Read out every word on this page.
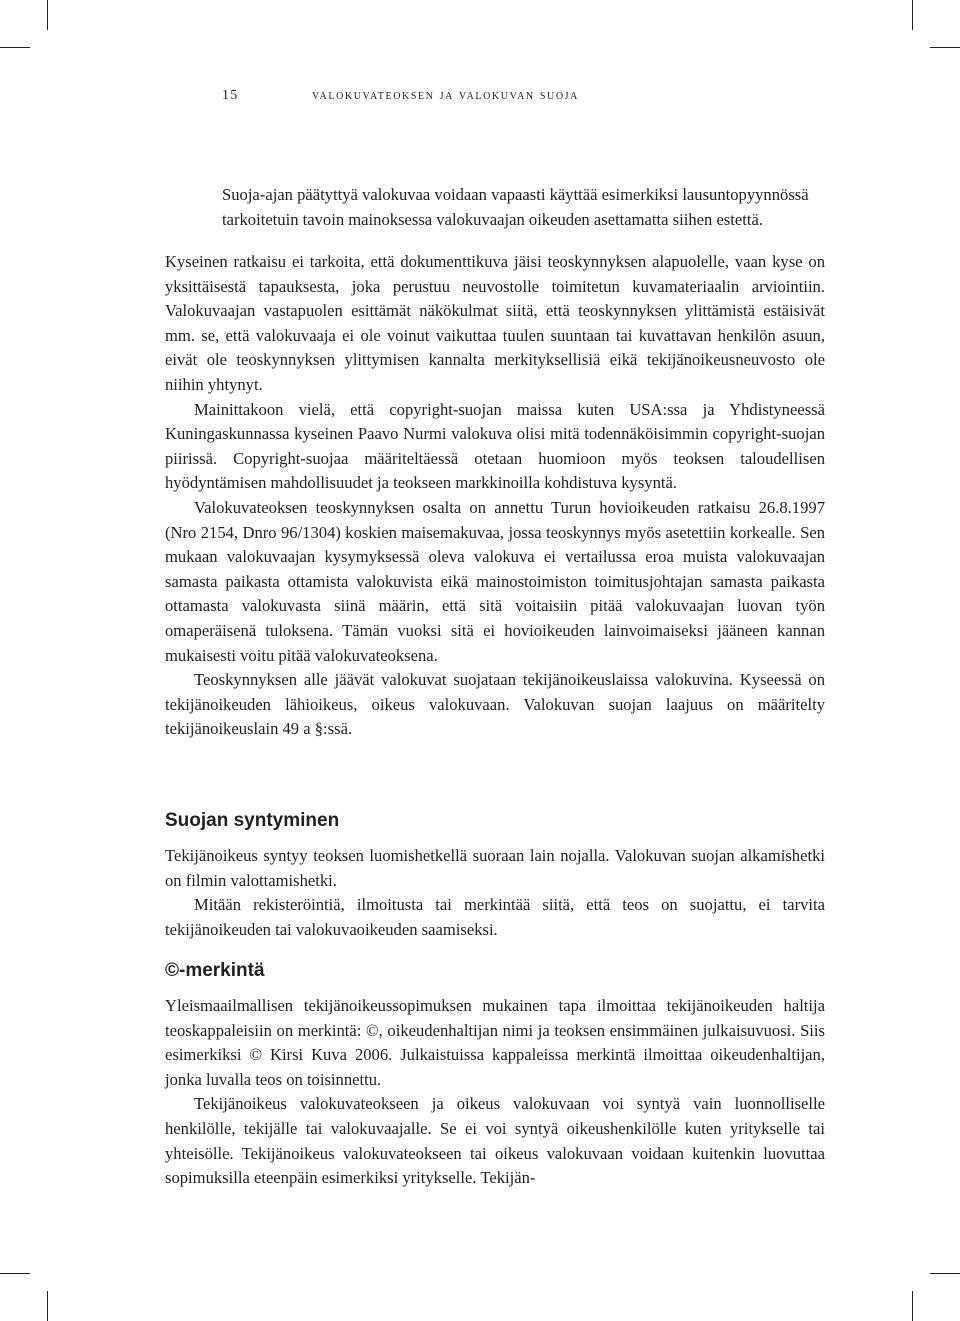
15	valokuvateoksen ja valokuvan suoja

Suoja-ajan päätyttyä valokuvaa voidaan vapaasti käyttää esimerkiksi lausuntopyynnössä tarkoitetuin tavoin mainoksessa valokuvaajan oikeuden asettamatta siihen estettä.

Kyseinen ratkaisu ei tarkoita, että dokumenttikuva jäisi teoskynnyksen alapuolelle, vaan kyse on yksittäisestä tapauksesta, joka perustuu neuvostolle toimitetun kuvamateriaalin arviointiin. Valokuvaajan vastapuolen esittämät näkökulmat siitä, että teoskynnyksen ylittämistä estäisivät mm. se, että valokuvaaja ei ole voinut vaikuttaa tuulen suuntaan tai kuvattavan henkilön asuun, eivät ole teoskynnyksen ylittymisen kannalta merkityksellisiä eikä tekijänoikeusneuvosto ole niihin yhtynyt.

Mainittakoon vielä, että copyright-suojan maissa kuten USA:ssa ja Yhdistyneessä Kuningaskunnassa kyseinen Paavo Nurmi valokuva olisi mitä todennäköisimmin copyright-suojan piirissä. Copyright-suojaa määriteltäessä otetaan huomioon myös teoksen taloudellisen hyödyntämisen mahdollisuudet ja teokseen markkinoilla kohdistuva kysyntä.

Valokuvateoksen teoskynnyksen osalta on annettu Turun hovioikeuden ratkaisu 26.8.1997 (Nro 2154, Dnro 96/1304) koskien maisemakuvaa, jossa teoskynnys myös asetettiin korkealle. Sen mukaan valokuvaajan kysymyksessä oleva valokuva ei vertailussa eroa muista valokuvaajan samasta paikasta ottamista valokuvista eikä mainostoimiston toimitusjohtajan samasta paikasta ottamasta valokuvasta siinä määrin, että sitä voitaisiin pitää valokuvaajan luovan työn omaperäisenä tuloksena. Tämän vuoksi sitä ei hovioikeuden lainvoimaiseksi jääneen kannan mukaisesti voitu pitää valokuvateoksena.

Teoskynnyksen alle jäävät valokuvat suojataan tekijänoikeuslaissa valokuvina. Kyseessä on tekijänoikeuden lähioikeus, oikeus valokuvaan. Valokuvan suojan laajuus on määritelty tekijänoikeuslain 49 a §:ssä.

Suojan syntyminen

Tekijänoikeus syntyy teoksen luomishetkellä suoraan lain nojalla. Valokuvan suojan alkamishetki on filmin valottamishetki.

Mitään rekisteröintiä, ilmoitusta tai merkintää siitä, että teos on suojattu, ei tarvita tekijänoikeuden tai valokuvaoikeuden saamiseksi.

©-merkintä

Yleismaailmallisen tekijänoikeussopimuksen mukainen tapa ilmoittaa tekijänoikeuden haltija teoskappaleisiin on merkintä: ©, oikeudenhaltijan nimi ja teoksen ensimmäinen julkaisuvuosi. Siis esimerkiksi © Kirsi Kuva 2006. Julkaistuissa kappaleissa merkintä ilmoittaa oikeudenhaltijan, jonka luvalla teos on toisinnettu.

Tekijänoikeus valokuvateokseen ja oikeus valokuvaan voi syntyä vain luonnolliselle henkilölle, tekijälle tai valokuvaajalle. Se ei voi syntyä oikeushenkilölle kuten yritykselle tai yhteisölle. Tekijänoikeus valokuvateokseen tai oikeus valokuvaan voidaan kuitenkin luovuttaa sopimuksilla eteenpäin esimerkiksi yritykselle. Tekijän-
